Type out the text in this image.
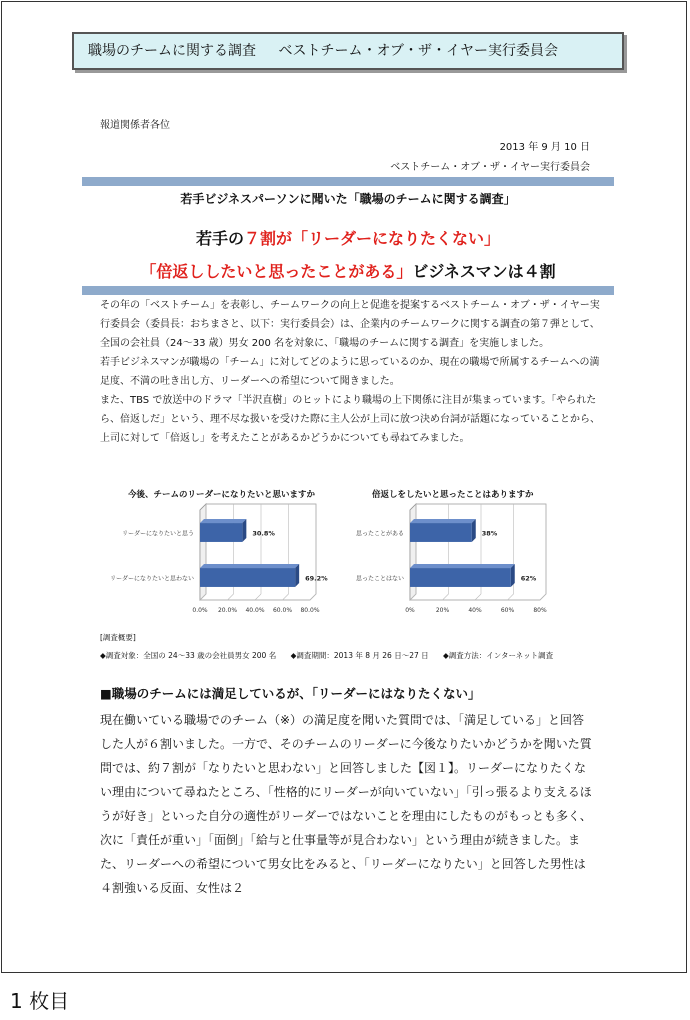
職場のチームに関する調査 ベストチーム・オブ・ザ・イヤー実行委員会
報道関係者各位
2013 年 9 月 10 日
ベストチーム・オブ・ザ・イヤー実行委員会
若手ビジネスパーソンに聞いた「職場のチームに関する調査」
若手の７割が「リーダーになりたくない」
「倍返ししたいと思ったことがある」ビジネスマンは４割

その年の「ベストチーム」を表彰し、チームワークの向上と促進を提案するベストチーム・オブ・ザ・イヤー実行委員会（委員長：おちまさと、以下：実行委員会）は、企業内のチームワークに関する調査の第７弾として、全国の会社員（24～33 歳）男女 200 名を対象に、「職場のチームに関する調査」を実施しました。

若手ビジネスマンが職場の「チーム」に対してどのように思っているのか、現在の職場で所属するチームへの満足度、不満の吐き出し方、リーダーへの希望について聞きました。

また、TBS で放送中のドラマ「半沢直樹」のヒットにより職場の上下関係に注目が集まっています。「やられたら、倍返しだ」という、理不尽な扱いを受けた際に主人公が上司に放つ決め台詞が話題になっていることから、上司に対して「倍返し」を考えたことがあるかどうかについても尋ねてみました。

今後、チームのリーダーになりたいと思いますか	倍返しをしたいと思ったことはありますか
0.0% 20.0% 40.0% 60.0% 80.0%
30.8%
リーダーになりたいと思う
69.2%
リーダーになりたいと思わない
0%	20%	40%	60%	80%
38%
思ったことがある
62%
思ったことはない
[調査概要]
◆調査対象：全国の 24～33 歳の会社員男女 200 名 ◆調査期間：2013 年 8 月 26 日～27 日 ◆調査方法：インターネット調査
■職場のチームには満足しているが、「リーダーにはなりたくない」
現在働いている職場でのチーム（※）の満足度を聞いた質問では、「満足している」と回答した人が６割いました。一方で、そのチームのリーダーに今後なりたいかどうかを聞いた質問では、約７割が「なりたいと思わない」と回答しました【図１】。リーダーになりたくない理由について尋ねたところ、「性格的にリーダーが向いていない」「引っ張るより支えるほうが好き」といった自分の適性がリーダーではないことを理由にしたものがもっとも多く、次に「責任が重い」「面倒」「給与と仕事量等が見合わない」という理由が続きました。また、リーダーへの希望について男女比をみると、「リーダーになりたい」と回答した男性は４割強いる反面、女性は２
1 枚目
